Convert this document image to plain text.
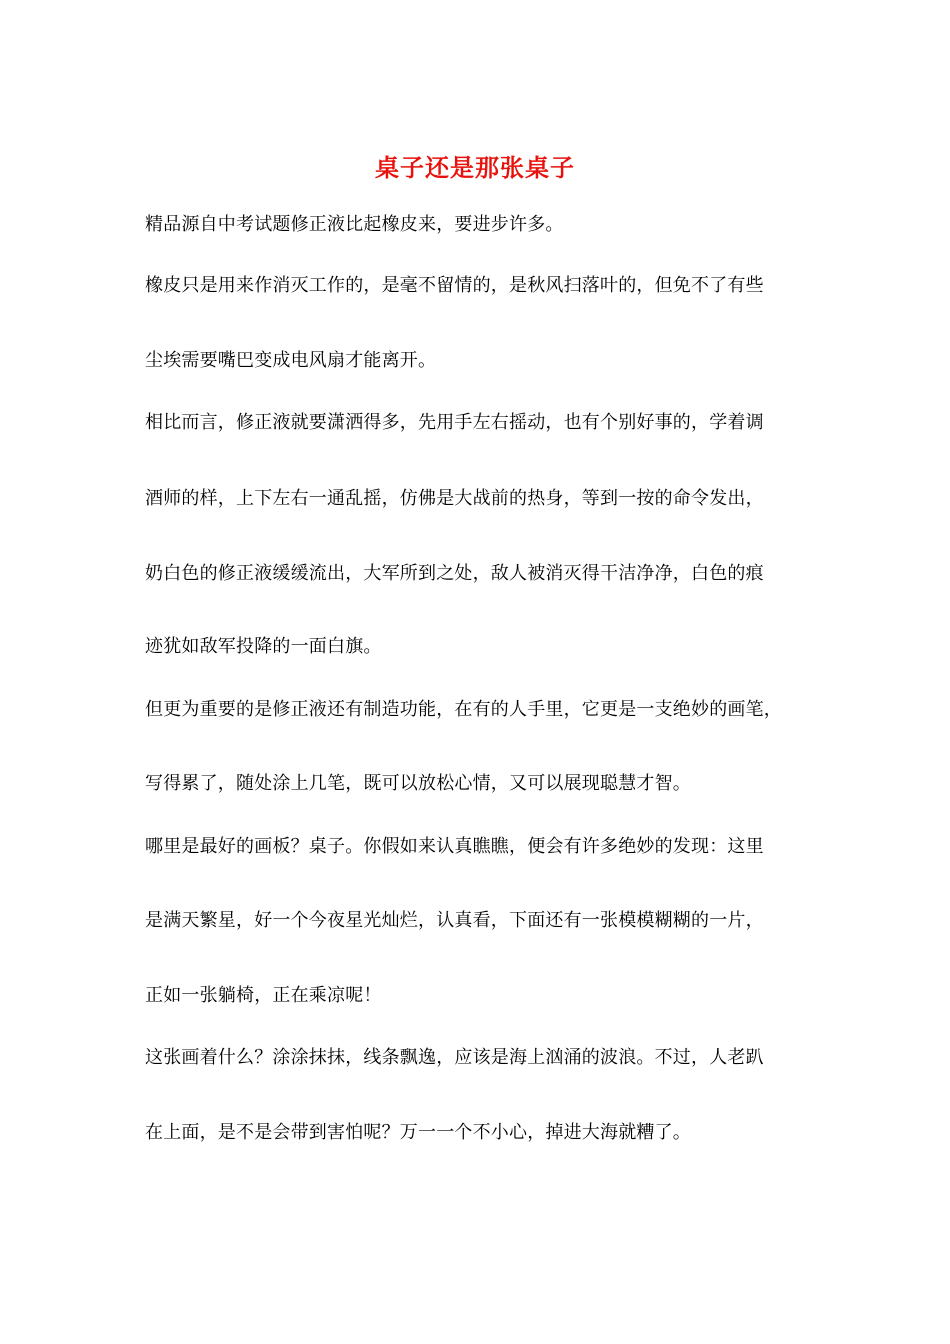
桌子还是那张桌子
精品源自中考试题修正液比起橡皮来，要进步许多。
橡皮只是用来作消灭工作的，是毫不留情的，是秋风扫落叶的，但免不了有些
尘埃需要嘴巴变成电风扇才能离开。
相比而言，修正液就要潇洒得多，先用手左右摇动，也有个别好事的，学着调
酒师的样，上下左右一通乱摇，仿佛是大战前的热身，等到一按的命令发出，
奶白色的修正液缓缓流出，大军所到之处，敌人被消灭得干洁净净，白色的痕
迹犹如敌军投降的一面白旗。
但更为重要的是修正液还有制造功能，在有的人手里，它更是一支绝妙的画笔，
写得累了，随处涂上几笔，既可以放松心情，又可以展现聪慧才智。
哪里是最好的画板？桌子。你假如来认真瞧瞧，便会有许多绝妙的发现：这里
是满天繁星，好一个今夜星光灿烂，认真看，下面还有一张模模糊糊的一片，
正如一张躺椅，正在乘凉呢！
这张画着什么？涂涂抹抹，线条飘逸，应该是海上汹涌的波浪。不过，人老趴
在上面，是不是会带到害怕呢？万一一个不小心，掉进大海就糟了。
